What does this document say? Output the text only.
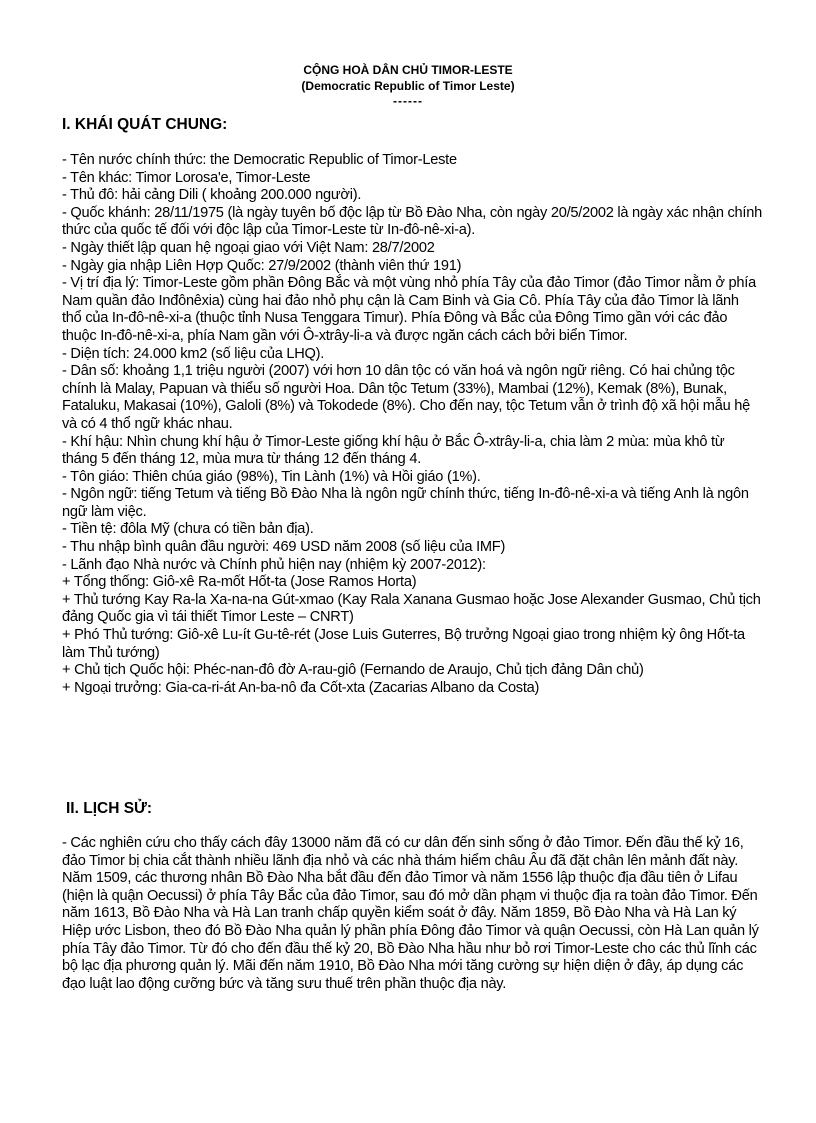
CỘNG HOÀ DÂN CHỦ TIMOR-LESTE
(Democratic Republic of Timor Leste)
------
I. KHÁI QUÁT CHUNG:

- Tên nước chính thức: the Democratic Republic of Timor-Leste

- Tên khác: Timor Lorosa'e, Timor-Leste

- Thủ đô: hải cảng Dili ( khoảng 200.000 người).

- Quốc khánh: 28/11/1975 (là ngày tuyên bố độc lập từ Bồ Đào Nha, còn ngày 20/5/2002 là ngày xác nhận chính thức của quốc tế đối với độc lập của Timor-Leste từ In-đô-nê-xi-a).

- Ngày thiết lập quan hệ ngoại giao với Việt Nam: 28/7/2002

- Ngày gia nhập Liên Hợp Quốc: 27/9/2002 (thành viên thứ 191)

- Vị trí địa lý: Timor-Leste gồm phần Đông Bắc và một vùng nhỏ phía Tây của đảo Timor (đảo Timor nằm ở phía Nam quần đảo Inđônêxia) cùng hai đảo nhỏ phụ cận là Cam Binh và Gia Cô. Phía Tây của đảo Timor là lãnh thổ của In-đô-nê-xi-a (thuộc tỉnh Nusa Tenggara Timur). Phía Đông và Bắc của Đông Timo gần với các đảo thuộc In-đô-nê-xi-a, phía Nam gần với Ô-xtrây-li-a và được ngăn cách cách bởi biển Timor.

- Diện tích: 24.000 km2 (số liệu của LHQ).

- Dân số: khoảng 1,1 triệu người (2007) với hơn 10 dân tộc có văn hoá và ngôn ngữ riêng. Có hai chủng tộc chính là Malay, Papuan và thiểu số người Hoa. Dân tộc Tetum (33%), Mambai (12%), Kemak (8%), Bunak, Fataluku, Makasai (10%), Galoli (8%) và Tokodede (8%). Cho đến nay, tộc Tetum vẫn ở trình độ xã hội mẫu hệ và có 4 thổ ngữ khác nhau.

- Khí hậu: Nhìn chung khí hậu ở Timor-Leste giống khí hậu ở Bắc Ô-xtrây-li-a, chia làm 2 mùa: mùa khô từ tháng 5 đến tháng 12, mùa mưa từ tháng 12 đến tháng 4.

- Tôn giáo: Thiên chúa giáo (98%), Tin Lành (1%) và Hồi giáo (1%).

- Ngôn ngữ: tiếng Tetum và tiếng Bồ Đào Nha là ngôn ngữ chính thức, tiếng In-đô-nê-xi-a và tiếng Anh là ngôn ngữ làm việc.

- Tiền tệ: đôla Mỹ (chưa có tiền bản địa).

- Thu nhập bình quân đầu người: 469 USD năm 2008 (số liệu của IMF)

- Lãnh đạo Nhà nước và Chính phủ hiện nay (nhiệm kỳ 2007-2012):

+ Tổng thống: Giô-xê Ra-mốt Hốt-ta (Jose Ramos Horta)

+ Thủ tướng Kay Ra-la Xa-na-na Gút-xmao (Kay Rala Xanana Gusmao hoặc Jose Alexander Gusmao, Chủ tịch đảng Quốc gia vì tái thiết Timor Leste – CNRT)

+ Phó Thủ tướng: Giô-xê Lu-ít Gu-tê-rét (Jose Luis Guterres, Bộ trưởng Ngoại giao trong nhiệm kỳ ông Hốt-ta làm Thủ tướng)

+ Chủ tịch Quốc hội: Phéc-nan-đô đờ A-rau-giô (Fernando de Araujo, Chủ tịch đảng Dân chủ)

+ Ngoại trưởng: Gia-ca-ri-át An-ba-nô đa Cốt-xta (Zacarias Albano da Costa)

II. LỊCH SỬ:

- Các nghiên cứu cho thấy cách đây 13000 năm đã có cư dân đến sinh sống ở đảo Timor. Đến đầu thế kỷ 16, đảo Timor bị chia cắt thành nhiều lãnh địa nhỏ và các nhà thám hiểm châu Âu đã đặt chân lên mảnh đất này. Năm 1509, các thương nhân Bồ Đào Nha bắt đầu đến đảo Timor và năm 1556 lập thuộc địa đầu tiên ở Lifau (hiện là quận Oecussi) ở phía Tây Bắc của đảo Timor, sau đó mở dần phạm vi thuộc địa ra toàn đảo Timor. Đến năm 1613, Bồ Đào Nha và Hà Lan tranh chấp quyền kiểm soát ở đây. Năm 1859, Bồ Đào Nha và Hà Lan ký Hiệp ước Lisbon, theo đó Bồ Đào Nha quản lý phần phía Đông đảo Timor và quận Oecussi, còn Hà Lan quản lý phía Tây đảo Timor. Từ đó cho đến đầu thế kỷ 20, Bồ Đào Nha hầu như bỏ rơi Timor-Leste cho các thủ lĩnh các bộ lạc địa phương quản lý. Mãi đến năm 1910, Bồ Đào Nha mới tăng cường sự hiện diện ở đây, áp dụng các đạo luật lao động cưỡng bức và tăng sưu thuế trên phần thuộc địa này.
